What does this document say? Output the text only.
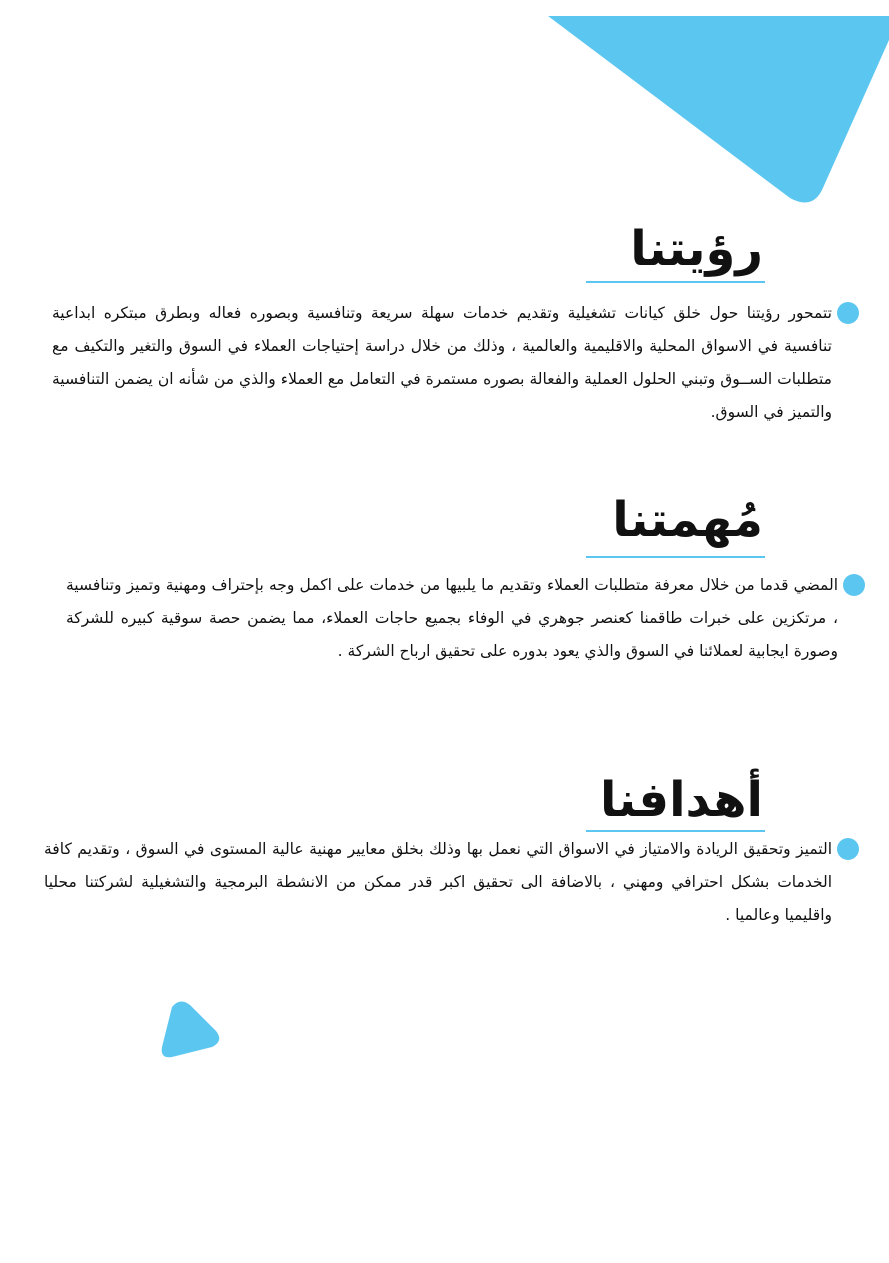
رؤيتنا

تتمحور رؤيتنا حول خلق كيانات تشغيلية وتقديم خدمات سهلة سريعة وتنافسية وبصوره فعاله وبطرق مبتكره ابداعية تنافسية في الاسواق المحلية والاقليمية والعالمية ، وذلك من خلال دراسة إحتياجات العملاء في السوق والتغير والتكيف مع متطلبات الســوق وتبني الحلول العملية والفعالة بصوره مستمرة في التعامل مع العملاء والذي من شأنه ان يضمن التنافسية والتميز في السوق.

مُهمتنا

المضي قدما من خلال معرفة متطلبات العملاء وتقديم ما يلبيها من خدمات على اكمل وجه بإحتراف ومهنية وتميز وتنافسية ، مرتكزين على خبرات طاقمنا كعنصر جوهري في الوفاء بجميع حاجات العملاء، مما يضمن حصة سوقية كبيره للشركة وصورة ايجابية لعملائنا في السوق والذي يعود بدوره على تحقيق ارباح الشركة .

أهدافنا

التميز وتحقيق الريادة والامتياز في الاسواق التي نعمل بها وذلك بخلق معايير مهنية عالية المستوى في السوق ، وتقديم كافة الخدمات بشكل احترافي ومهني ، بالاضافة الى تحقيق اكبر قدر ممكن من الانشطة البرمجية والتشغيلية لشركتنا محليا واقليميا وعالميا .
